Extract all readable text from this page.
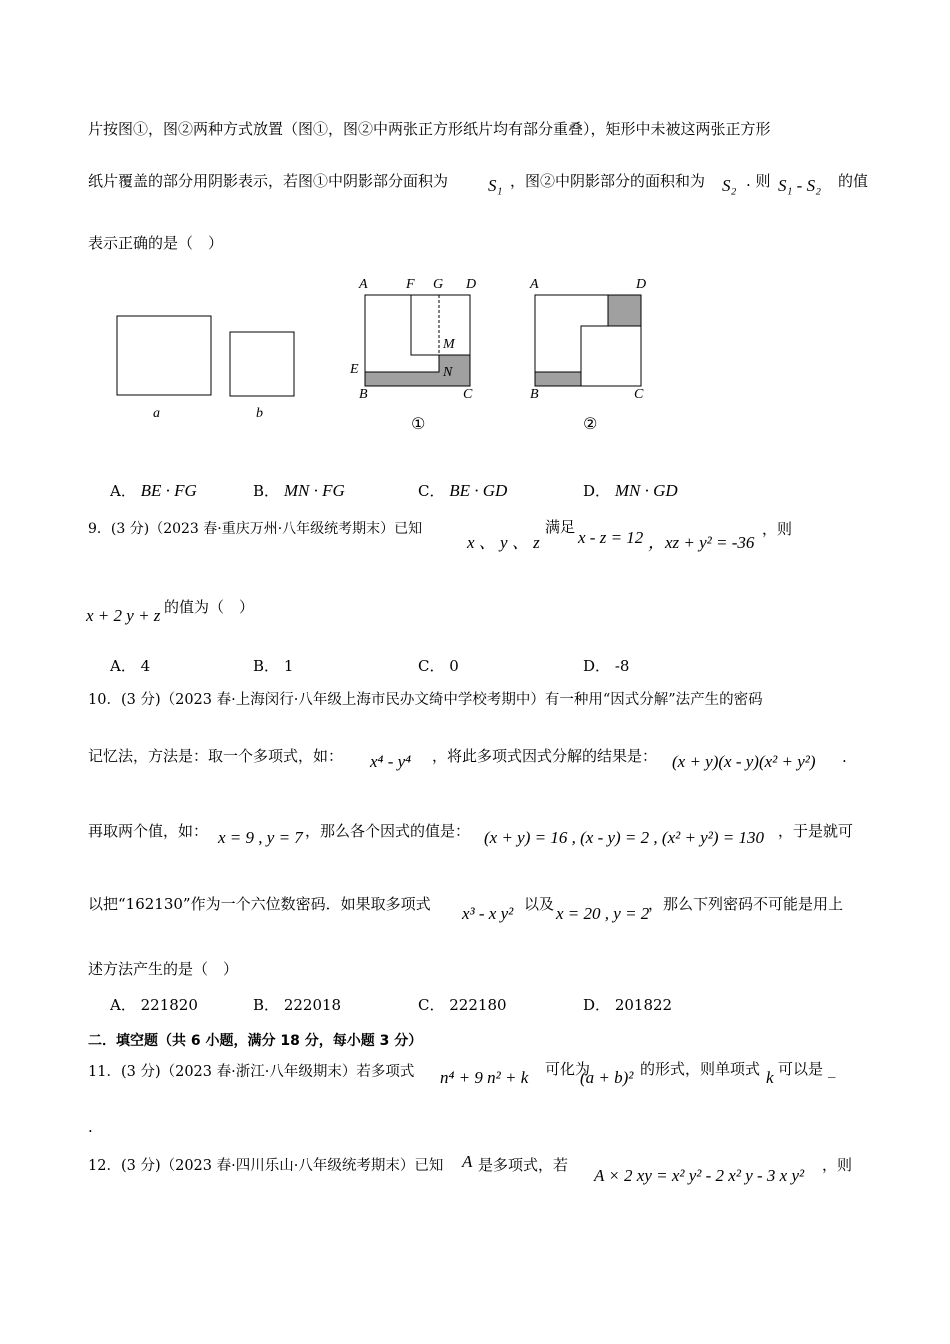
片按图①，图②两种方式放置（图①，图②中两张正方形纸片均有部分重叠），矩形中未被这两张正方形
纸片覆盖的部分用阴影表示，若图①中阴影部分面积为 S₁ ，图②中阴影部分的面积和为 S₂ . 则 S₁ - S₂ 的值
表示正确的是（　）
a	b
A	F G D
M
E	N
B	C
①
A	D
B	C
②
A． BE · FG	B． MN · FG	C． BE · GD	D． MN · GD
9．(3 分)（2023 春·重庆万州·八年级统考期末）已知
x 、 y 、 z
满足
x - z = 12 ，xz + y² = -36
，则
x + 2 y + z 的值为（　）
A． 4	B． 1	C． 0	D． -8
10．(3 分)（2023 春·上海闵行·八年级上海市民办文绮中学校考期中）有一种用“因式分解”法产生的密码
记忆法，方法是：取一个多项式，如： x⁴ - y⁴ ，将此多项式因式分解的结果是： (x + y)(x - y)(x² + y²) .
再取两个值，如： x = 9 , y = 7 ，那么各个因式的值是： (x + y) = 16 , (x - y) = 2 , (x² + y²) = 130 ，于是就可
以把“162130”作为一个六位数密码．如果取多项式 x³ - x y² 以及 x = 20 , y = 2
，那么下列密码不可能是用上
述方法产生的是（　）
A． 221820	B． 222018	C． 222180	D． 201822
二．填空题（共 6 小题，满分 18 分，每小题 3 分）
11．(3 分)（2023 春·浙江·八年级期末）若多项式 n⁴ + 9 n² + k 可化为
(a + b)² 的形式，则单项式 k 可以是 _
.
12．(3 分)（2023 春·四川乐山·八年级统考期末）已知 A 是多项式，若
A × 2 xy = x² y² - 2 x² y - 3 x y²
，则
